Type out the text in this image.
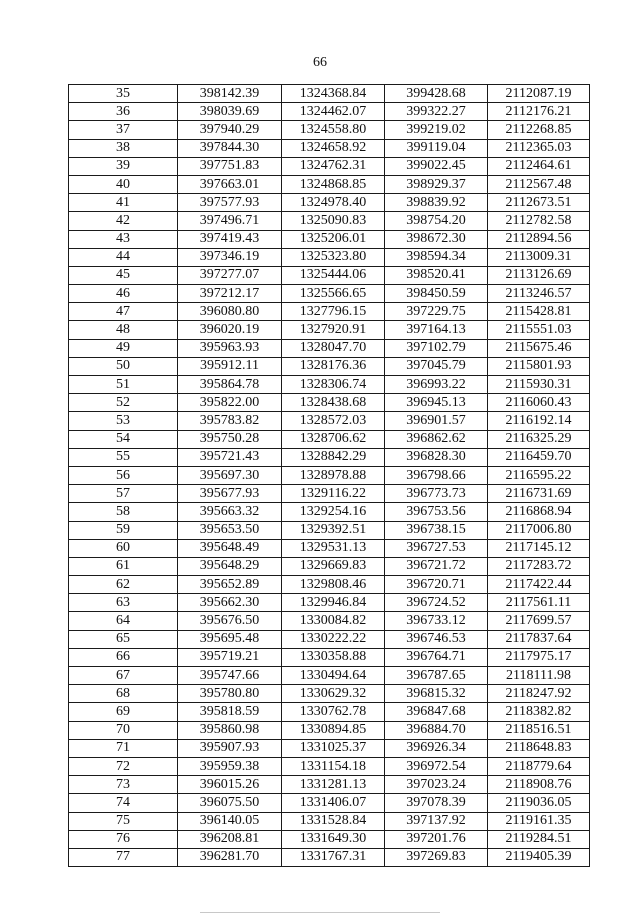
66
35	398142.39	1324368.84	399428.68	2112087.19
36	398039.69	1324462.07	399322.27	2112176.21
37	397940.29	1324558.80	399219.02	2112268.85
38	397844.30	1324658.92	399119.04	2112365.03
39	397751.83	1324762.31	399022.45	2112464.61
40	397663.01	1324868.85	398929.37	2112567.48
41	397577.93	1324978.40	398839.92	2112673.51
42	397496.71	1325090.83	398754.20	2112782.58
43	397419.43	1325206.01	398672.30	2112894.56
44	397346.19	1325323.80	398594.34	2113009.31
45	397277.07	1325444.06	398520.41	2113126.69
46	397212.17	1325566.65	398450.59	2113246.57
47	396080.80	1327796.15	397229.75	2115428.81
48	396020.19	1327920.91	397164.13	2115551.03
49	395963.93	1328047.70	397102.79	2115675.46
50	395912.11	1328176.36	397045.79	2115801.93
51	395864.78	1328306.74	396993.22	2115930.31
52	395822.00	1328438.68	396945.13	2116060.43
53	395783.82	1328572.03	396901.57	2116192.14
54	395750.28	1328706.62	396862.62	2116325.29
55	395721.43	1328842.29	396828.30	2116459.70
56	395697.30	1328978.88	396798.66	2116595.22
57	395677.93	1329116.22	396773.73	2116731.69
58	395663.32	1329254.16	396753.56	2116868.94
59	395653.50	1329392.51	396738.15	2117006.80
60	395648.49	1329531.13	396727.53	2117145.12
61	395648.29	1329669.83	396721.72	2117283.72
62	395652.89	1329808.46	396720.71	2117422.44
63	395662.30	1329946.84	396724.52	2117561.11
64	395676.50	1330084.82	396733.12	2117699.57
65	395695.48	1330222.22	396746.53	2117837.64
66	395719.21	1330358.88	396764.71	2117975.17
67	395747.66	1330494.64	396787.65	2118111.98
68	395780.80	1330629.32	396815.32	2118247.92
69	395818.59	1330762.78	396847.68	2118382.82
70	395860.98	1330894.85	396884.70	2118516.51
71	395907.93	1331025.37	396926.34	2118648.83
72	395959.38	1331154.18	396972.54	2118779.64
73	396015.26	1331281.13	397023.24	2118908.76
74	396075.50	1331406.07	397078.39	2119036.05
75	396140.05	1331528.84	397137.92	2119161.35
76	396208.81	1331649.30	397201.76	2119284.51
77	396281.70	1331767.31	397269.83	2119405.39
